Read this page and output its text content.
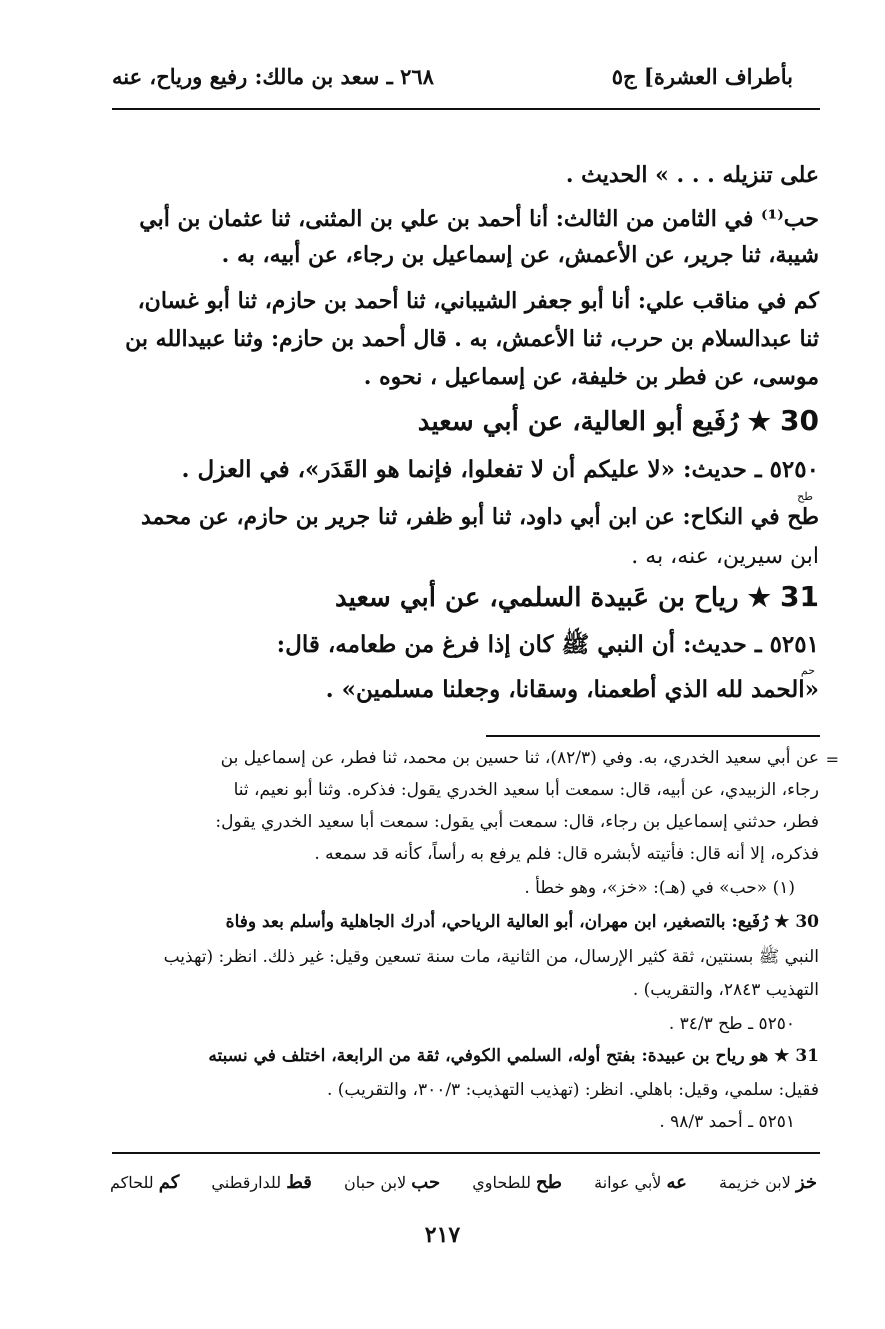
بأطراف العشرة] ج٥
٢٦٨ ـ سعد بن مالك: رفيع ورياح، عنه
على تنزيله . . . » الحديث .
حب⁽¹⁾ في الثامن من الثالث: أنا أحمد بن علي بن المثنى، ثنا عثمان بن أبي
شيبة، ثنا جرير، عن الأعمش، عن إسماعيل بن رجاء، عن أبيه، به .
كم في مناقب علي: أنا أبو جعفر الشيباني، ثنا أحمد بن حازم، ثنا أبو غسان،
ثنا عبدالسلام بن حرب، ثنا الأعمش، به . قال أحمد بن حازم: وثنا عبيدالله بن
موسى، عن فطر بن خليفة، عن إسماعيل ، نحوه .
30 ★ رُفَيع أبو العالية، عن أبي سعيد
٥٢٥٠ ـ حديث: «لا عليكم أن لا تفعلوا، فإنما هو القَدَر»، في العزل .
طح
طح في النكاح: عن ابن أبي داود، ثنا أبو ظفر، ثنا جرير بن حازم، عن محمد
ابن سيرين، عنه، به .
31 ★ رياح بن عَبيدة السلمي، عن أبي سعيد
٥٢٥١ ـ حديث: أن النبي ﷺ كان إذا فرغ من طعامه، قال:
حم
«الحمد لله الذي أطعمنا، وسقانا، وجعلنا مسلمين» .
=
عن أبي سعيد الخدري، به. وفي (٨٢/٣)، ثنا حسين بن محمد، ثنا فطر، عن إسماعيل بن
رجاء، الزبيدي، عن أبيه، قال: سمعت أبا سعيد الخدري يقول: فذكره. وثنا أبو نعيم، ثنا
فطر، حدثني إسماعيل بن رجاء، قال: سمعت أبي يقول: سمعت أبا سعيد الخدري يقول:
فذكره، إلا أنه قال: فأتيته لأبشره قال: فلم يرفع به رأساً، كأنه قد سمعه .
(١) «حب» في (هـ): «خز»، وهو خطأ .
30 ★ رُفَيع: بالتصغير، ابن مهران، أبو العالية الرياحي، أدرك الجاهلية وأسلم بعد وفاة
النبي ﷺ بسنتين، ثقة كثير الإرسال، من الثانية، مات سنة تسعين وقيل: غير ذلك. انظر: (تهذيب
التهذيب ٢٨٤٣، والتقريب) .
٥٢٥٠ ـ طح ٣٤/٣ .
31 ★ هو رياح بن عبيدة: بفتح أوله، السلمي الكوفي، ثقة من الرابعة، اختلف في نسبته
فقيل: سلمي، وقيل: باهلي. انظر: (تهذيب التهذيب: ٣٠٠/٣، والتقريب) .
٥٢٥١ ـ أحمد ٩٨/٣ .
خز لابن خزيمة
عه لأبي عوانة
طح للطحاوي
حب لابن حبان
قط للدارقطني
كم للحاكم
٢١٧
